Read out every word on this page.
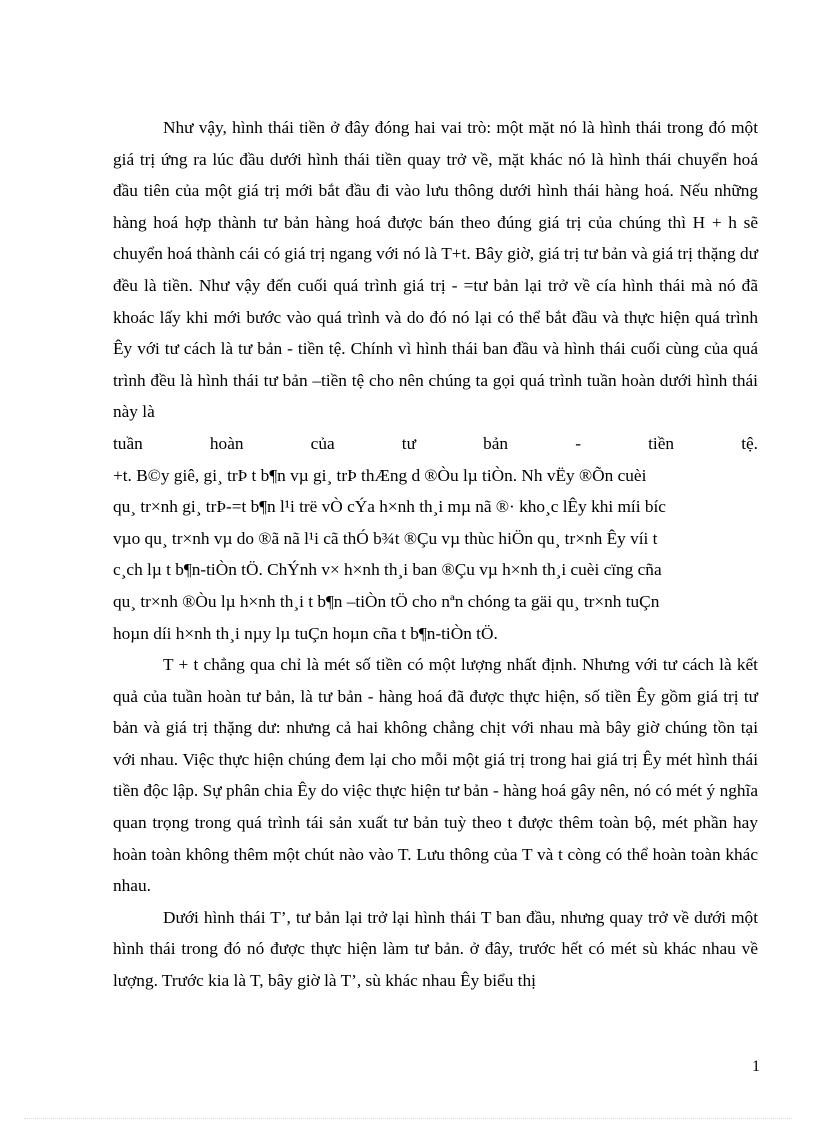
Như vậy, hình thái tiền ở đây đóng hai vai trò: một mặt nó là hình thái trong đó một giá trị ứng ra lúc đầu dưới hình thái tiền quay trở về, mặt khác nó là hình thái chuyển hoá đầu tiên của một giá trị mới bắt đầu đi vào lưu thông dưới hình thái hàng hoá. Nếu những hàng hoá hợp thành tư bản hàng hoá được bán theo đúng giá trị của chúng thì H + h sẽ chuyển hoá thành cái có giá trị ngang với nó là T+t. Bây giờ, giá trị tư bản và giá trị thặng dư đều là tiền. Như vậy đến cuối quá trình giá trị - =tư bản lại trở về cía hình thái mà nó đã khoác lấy khi mới bước vào quá trình và do đó nó lại có thể bắt đầu và thực hiện quá trình Êy với tư cách là tư bản - tiền tệ. Chính vì hình thái ban đầu và hình thái cuối cùng của quá trình đều là hình thái tư bản –tiền tệ cho nên chúng ta gọi quá trình tuần hoàn dưới hình thái này là

tuần hoàn của tư bản - tiền tệ.

+t. B©y giê, gi¸ trÞ t b¶n vµ gi¸ trÞ thÆng d ®Òu lµ tiÒn. Nh vËy ®Õn cuèi

qu¸ tr×nh gi¸ trÞ-=t b¶n l¹i trë vÒ cÝa h×nh th¸i mµ nã ®· kho¸c lÊy khi míi bíc

vµo qu¸ tr×nh vµ do ®ã nã l¹i cã thÓ b¾t ®Çu vµ thùc hiÖn qu¸ tr×nh Êy víi t

c¸ch lµ t b¶n-tiÒn tÖ. ChÝnh v× h×nh th¸i ban ®Çu vµ h×nh th¸i cuèi cïng cña

qu¸ tr×nh ®Òu lµ h×nh th¸i t b¶n –tiÒn tÖ cho nªn chóng ta gäi qu¸ tr×nh tuÇn

hoµn díi h×nh th¸i nµy lµ tuÇn hoµn cña t b¶n-tiÒn tÖ.

T + t chẳng qua chỉ là mét số tiền có một lượng nhất định. Nhưng với tư cách là kết quả của tuần hoàn tư bản, là tư bản - hàng hoá đã được thực hiện, số tiền Êy gồm giá trị tư bản và giá trị thặng dư: nhưng cả hai không chẳng chịt với nhau mà bây giờ chúng tồn tại với nhau. Việc thực hiện chúng đem lại cho mỗi một giá trị trong hai giá trị Êy mét hình thái tiền độc lập. Sự phân chia Êy do việc thực hiện tư bản - hàng hoá gây nên, nó có mét ý nghĩa quan trọng trong quá trình tái sản xuất tư bản tuỳ theo t được thêm toàn bộ, mét phần hay hoàn toàn không thêm một chút nào vào T. Lưu thông của T và t còng có thể hoàn toàn khác nhau.

Dưới hình thái T’, tư bản lại trở lại hình thái T ban đầu, nhưng quay trở về dưới một hình thái trong đó nó được thực hiện làm tư bản. ở đây, trước hết có mét sù khác nhau về lượng. Trước kia là T, bây giờ là T’, sù khác nhau Êy biểu thị

1
